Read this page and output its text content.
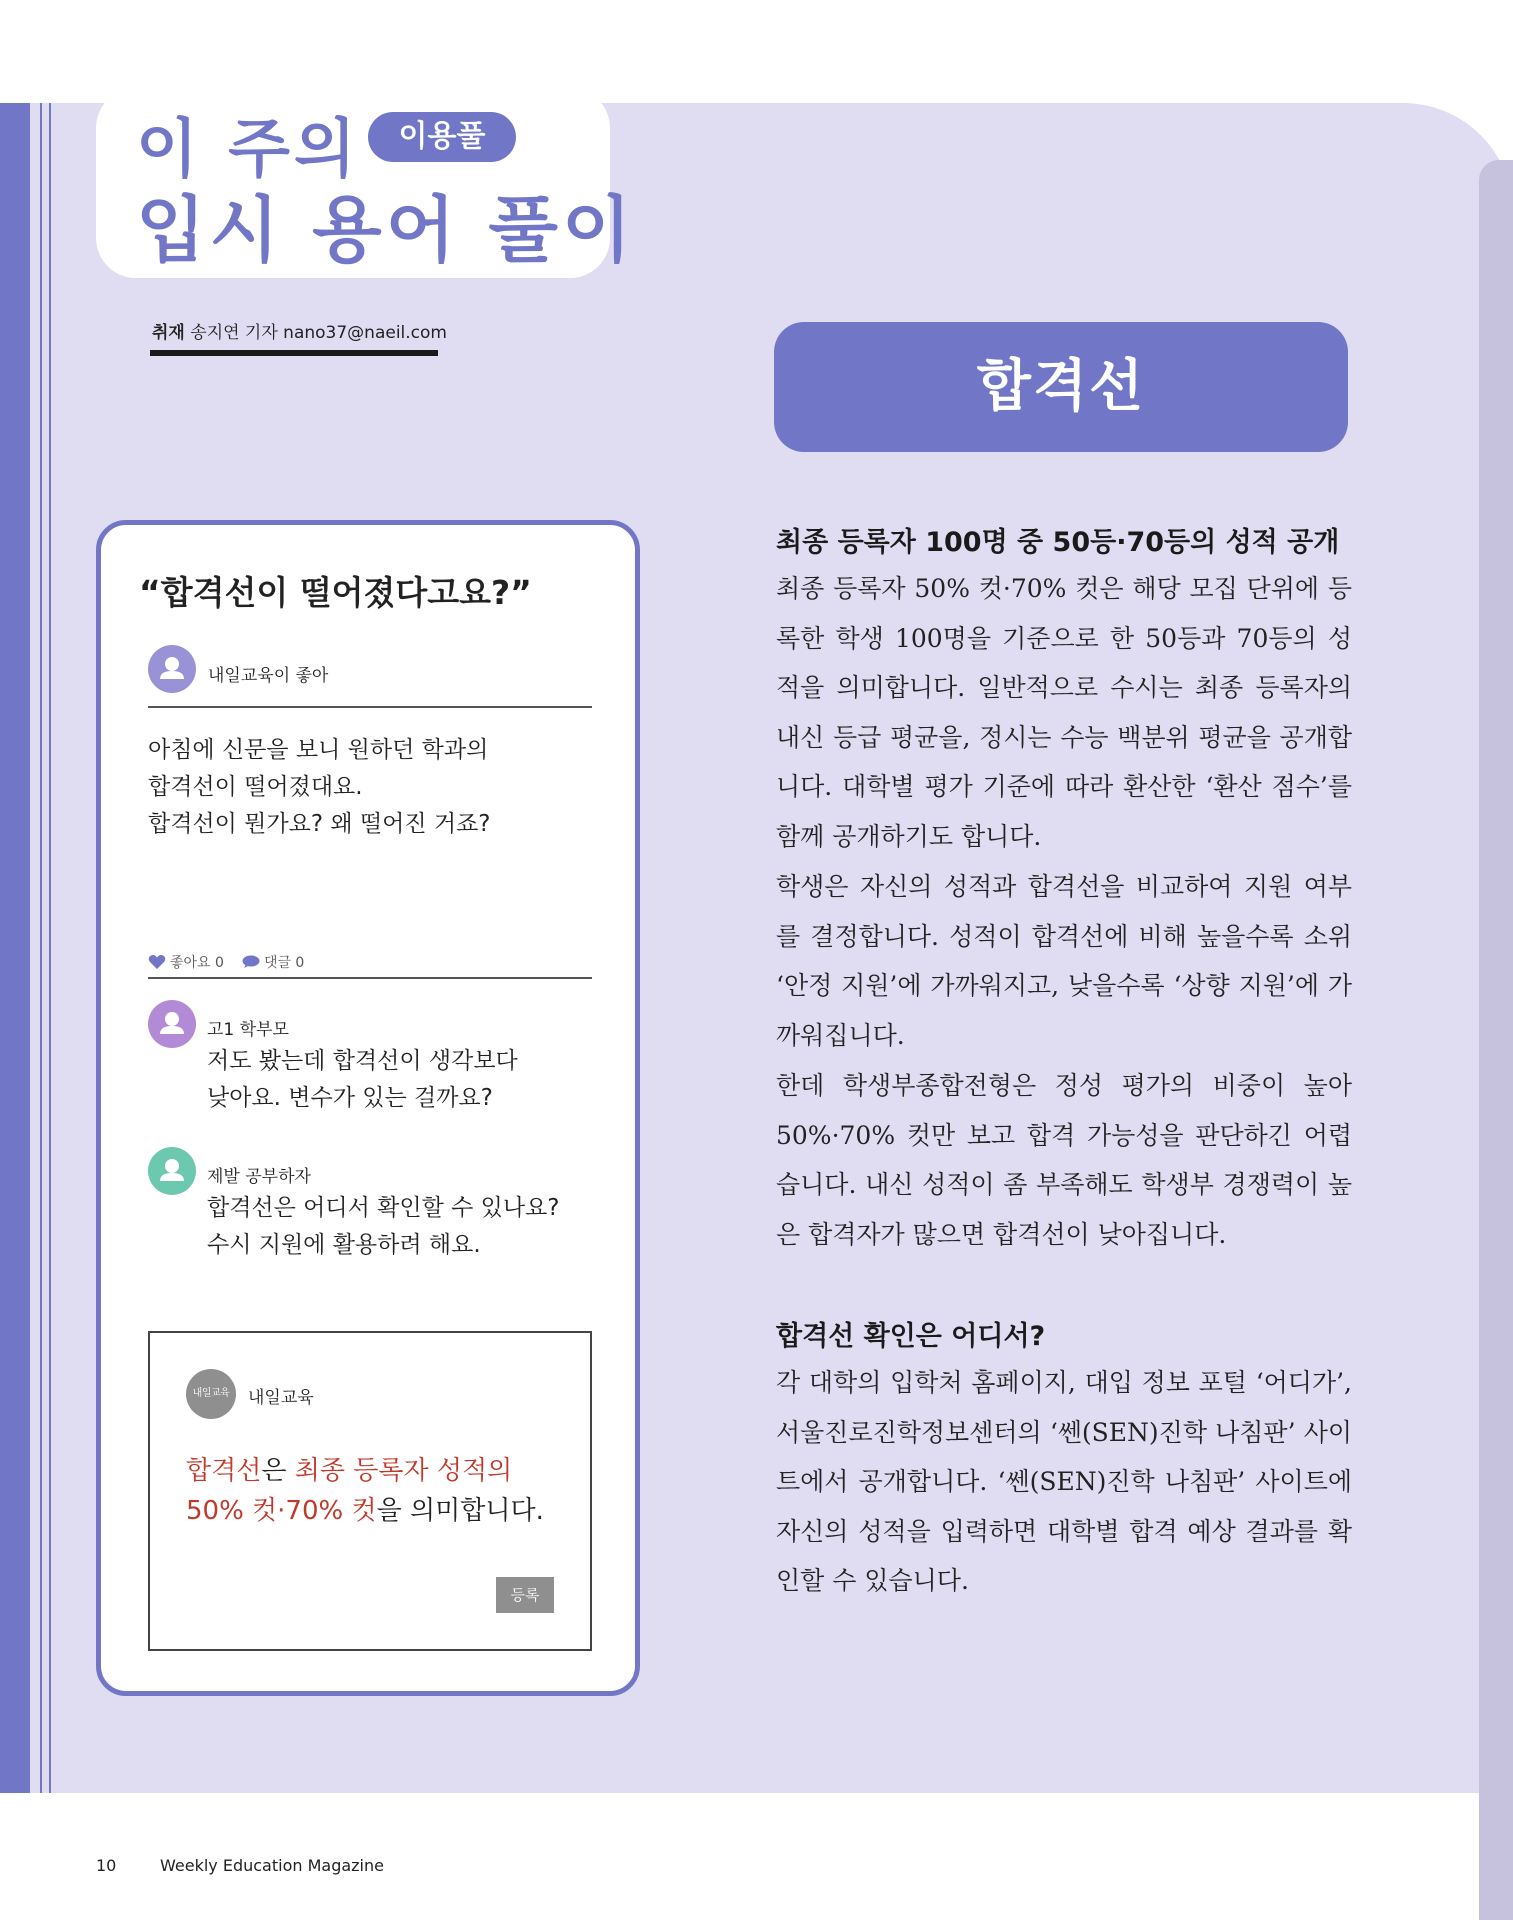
이 주의	이용풀
입시 용어 풀이
취재 송지연 기자 nano37@naeil.com
합격선
“합격선이 떨어졌다고요?”
내일교육이 좋아
아침에 신문을 보니 원하던 학과의
합격선이 떨어졌대요.
합격선이 뭔가요? 왜 떨어진 거죠?
좋아요 0	댓글 0
고1 학부모
저도 봤는데 합격선이 생각보다
낮아요. 변수가 있는 걸까요?
제발 공부하자
합격선은 어디서 확인할 수 있나요?
수시 지원에 활용하려 해요.
내일교육	내일교육
합격선은 최종 등록자 성적의
50% 컷·70% 컷을 의미합니다.
등록
최종 등록자 100명 중 50등·70등의 성적 공개
최종 등록자 50% 컷·70% 컷은 해당 모집 단위에 등록한 학생 100명을 기준으로 한 50등과 70등의 성적을 의미합니다. 일반적으로 수시는 최종 등록자의 내신 등급 평균을, 정시는 수능 백분위 평균을 공개합니다. 대학별 평가 기준에 따라 환산한 ‘환산 점수’를 함께 공개하기도 합니다.
학생은 자신의 성적과 합격선을 비교하여 지원 여부를 결정합니다. 성적이 합격선에 비해 높을수록 소위 ‘안정 지원’에 가까워지고, 낮을수록 ‘상향 지원’에 가까워집니다.
한데 학생부종합전형은 정성 평가의 비중이 높아 50%·70% 컷만 보고 합격 가능성을 판단하긴 어렵습니다. 내신 성적이 좀 부족해도 학생부 경쟁력이 높은 합격자가 많으면 합격선이 낮아집니다.
합격선 확인은 어디서?
각 대학의 입학처 홈페이지, 대입 정보 포털 ‘어디가’, 서울진로진학정보센터의 ‘쎈(SEN)진학 나침판’ 사이트에서 공개합니다. ‘쎈(SEN)진학 나침판’ 사이트에 자신의 성적을 입력하면 대학별 합격 예상 결과를 확인할 수 있습니다.
10	Weekly Education Magazine
